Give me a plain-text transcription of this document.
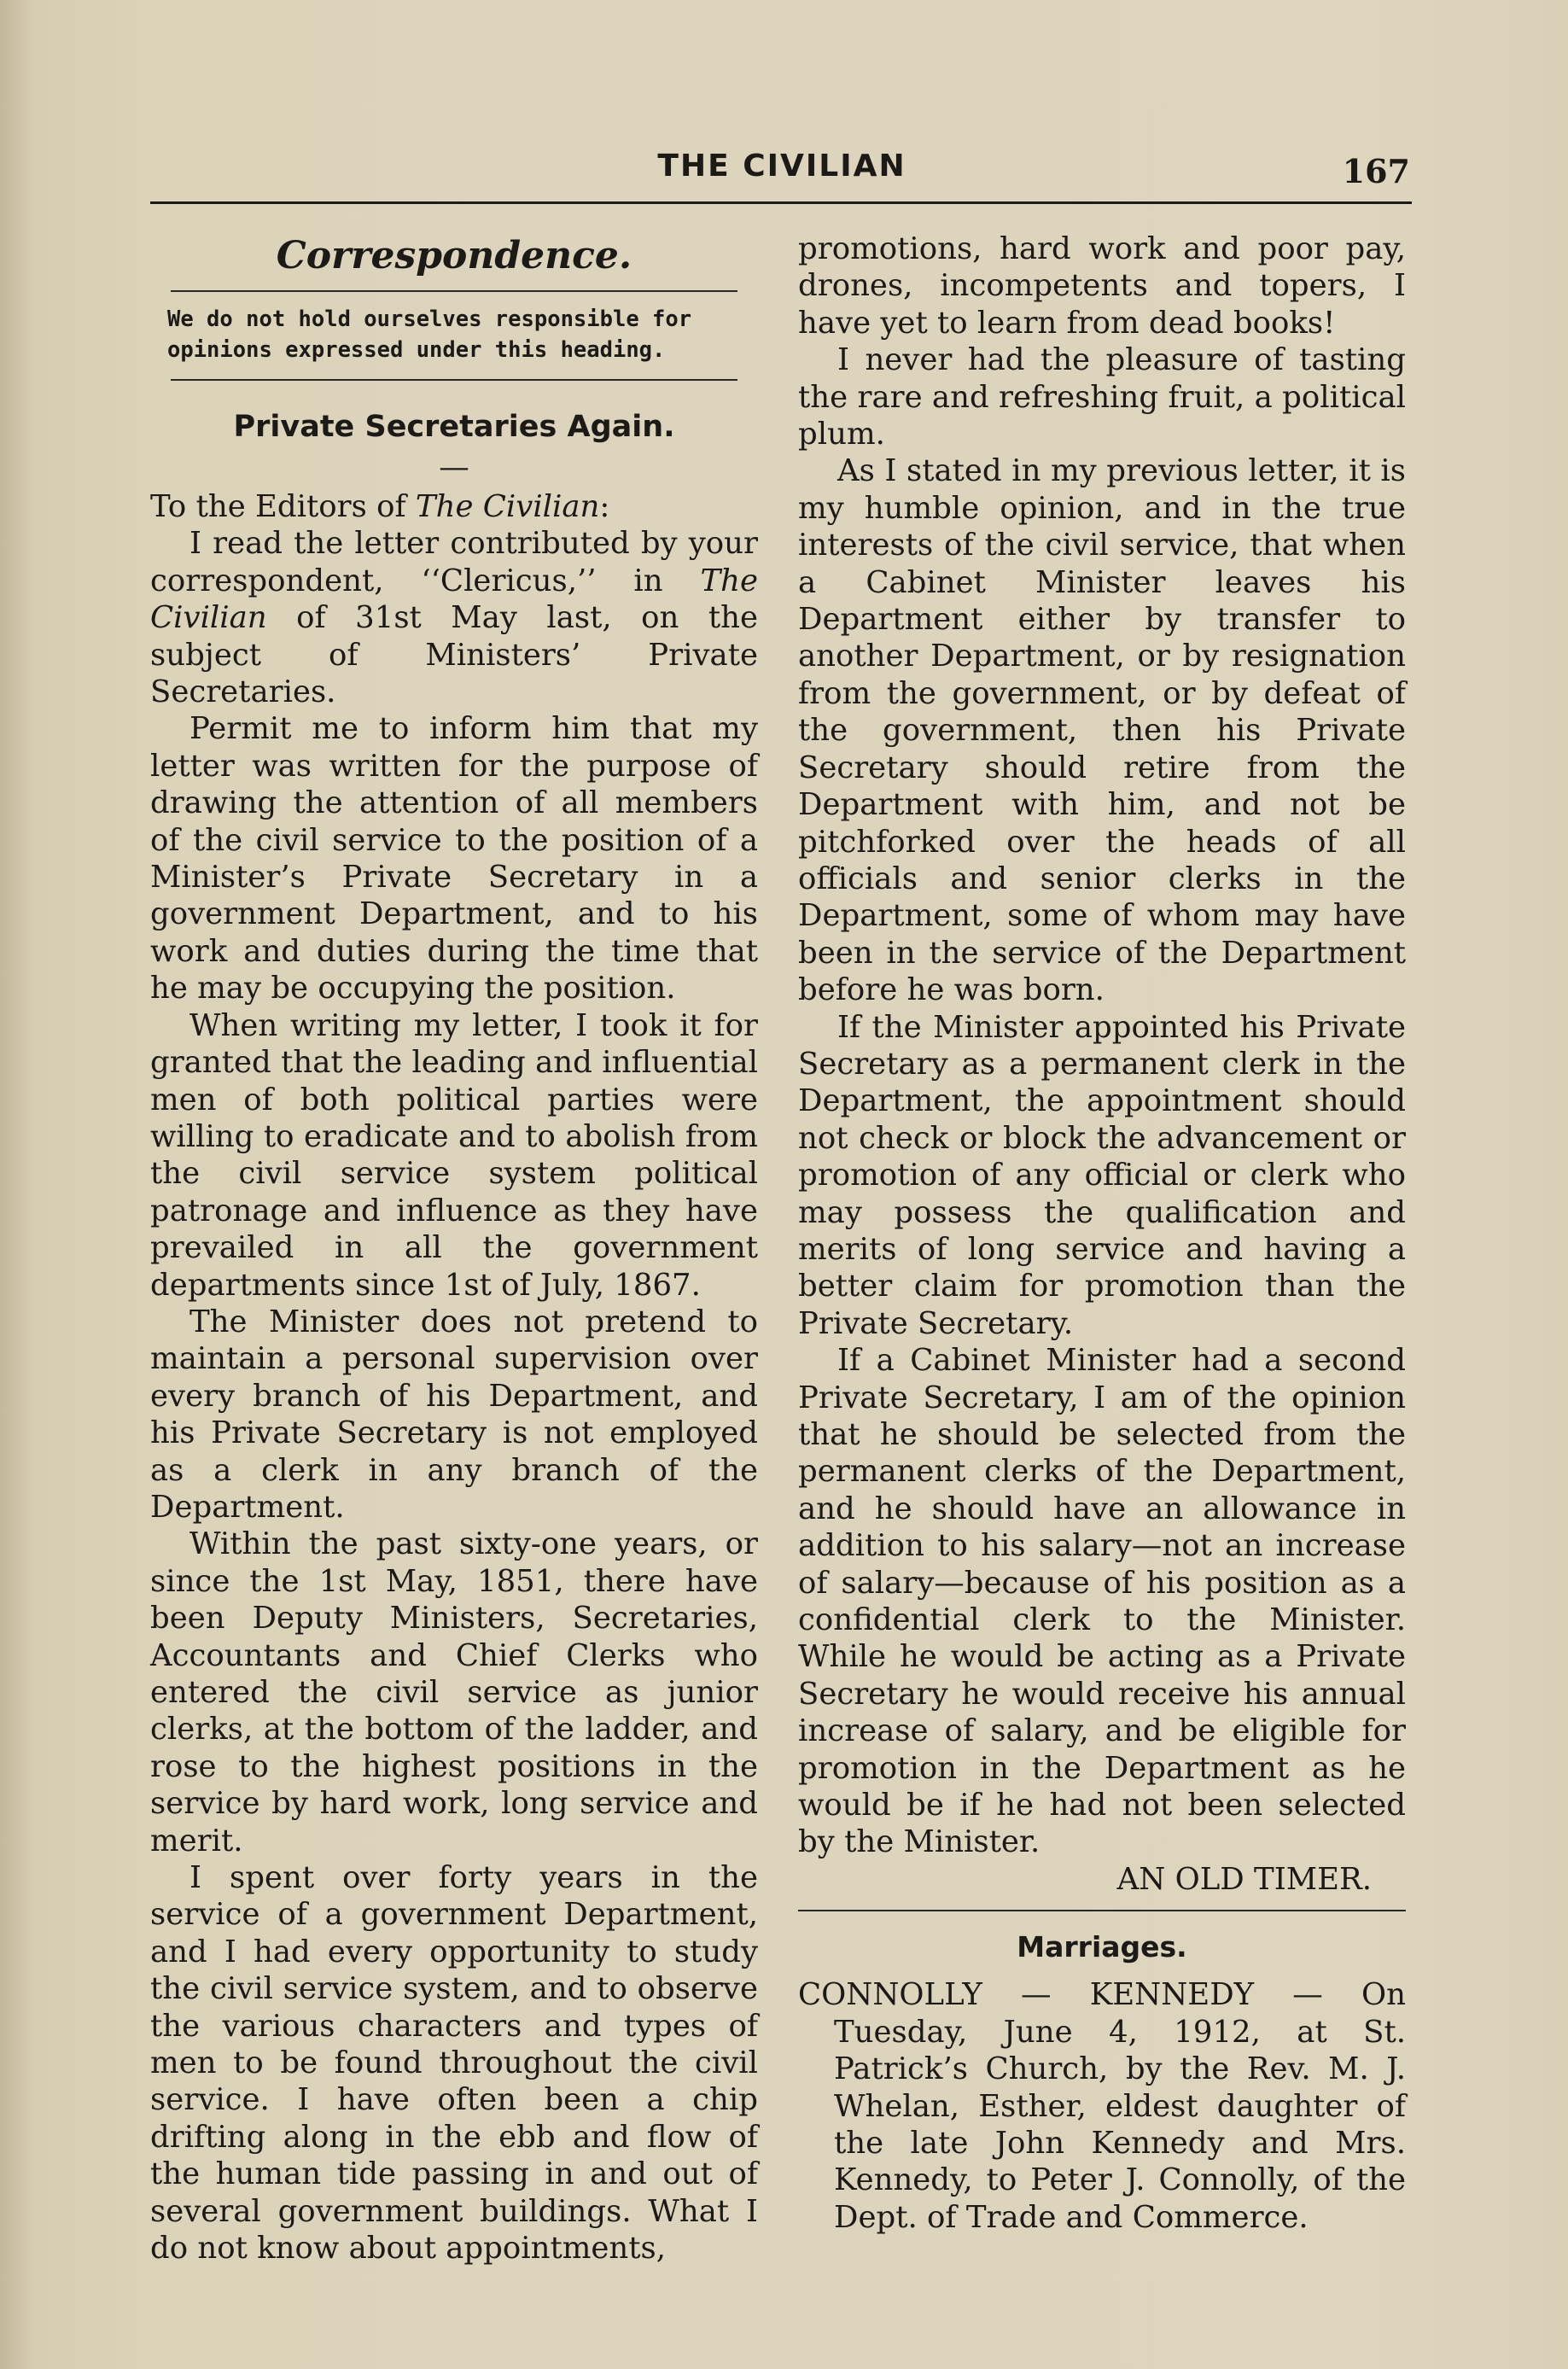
THE CIVILIAN	167
Correspondence.
We do not hold ourselves responsible for
opinions expressed under this heading.
Private Secretaries Again.
—

To the Editors of The Civilian:

I read the letter contributed by your correspondent, ‘‘Clericus,’’ in The Civilian of 31st May last, on the subject of Ministers’ Private Secretaries.

Permit me to inform him that my letter was written for the purpose of drawing the attention of all members of the civil service to the position of a Minister’s Private Secretary in a government Department, and to his work and duties during the time that he may be occupying the position.

When writing my letter, I took it for granted that the leading and influential men of both political parties were willing to eradicate and to abolish from the civil service system political patronage and influence as they have prevailed in all the government departments since 1st of July, 1867.

The Minister does not pretend to maintain a personal supervision over every branch of his Department, and his Private Secretary is not employed as a clerk in any branch of the Department.

Within the past sixty-one years, or since the 1st May, 1851, there have been Deputy Ministers, Secretaries, Accountants and Chief Clerks who entered the civil service as junior clerks, at the bottom of the ladder, and rose to the highest positions in the service by hard work, long service and merit.

I spent over forty years in the service of a government Department, and I had every opportunity to study the civil service system, and to observe the various characters and types of men to be found throughout the civil service. I have often been a chip drifting along in the ebb and flow of the human tide passing in and out of several government buildings. What I do not know about appointments,

promotions, hard work and poor pay, drones, incompetents and topers, I have yet to learn from dead books!

I never had the pleasure of tasting the rare and refreshing fruit, a political plum.

As I stated in my previous letter, it is my humble opinion, and in the true interests of the civil service, that when a Cabinet Minister leaves his Department either by transfer to another Department, or by resignation from the government, or by defeat of the government, then his Private Secretary should retire from the Department with him, and not be pitchforked over the heads of all officials and senior clerks in the Department, some of whom may have been in the service of the Department before he was born.

If the Minister appointed his Private Secretary as a permanent clerk in the Department, the appointment should not check or block the advancement or promotion of any official or clerk who may possess the qualification and merits of long service and having a better claim for promotion than the Private Secretary.

If a Cabinet Minister had a second Private Secretary, I am of the opinion that he should be selected from the permanent clerks of the Department, and he should have an allowance in addition to his salary—not an increase of salary—because of his position as a confidential clerk to the Minister. While he would be acting as a Private Secretary he would receive his annual increase of salary, and be eligible for promotion in the Department as he would be if he had not been selected by the Minister.

AN OLD TIMER.

Marriages.

CONNOLLY — KENNEDY — On Tuesday, June 4, 1912, at St. Patrick’s Church, by the Rev. M. J. Whelan, Esther, eldest daughter of the late John Kennedy and Mrs. Kennedy, to Peter J. Connolly, of the Dept. of Trade and Commerce.
